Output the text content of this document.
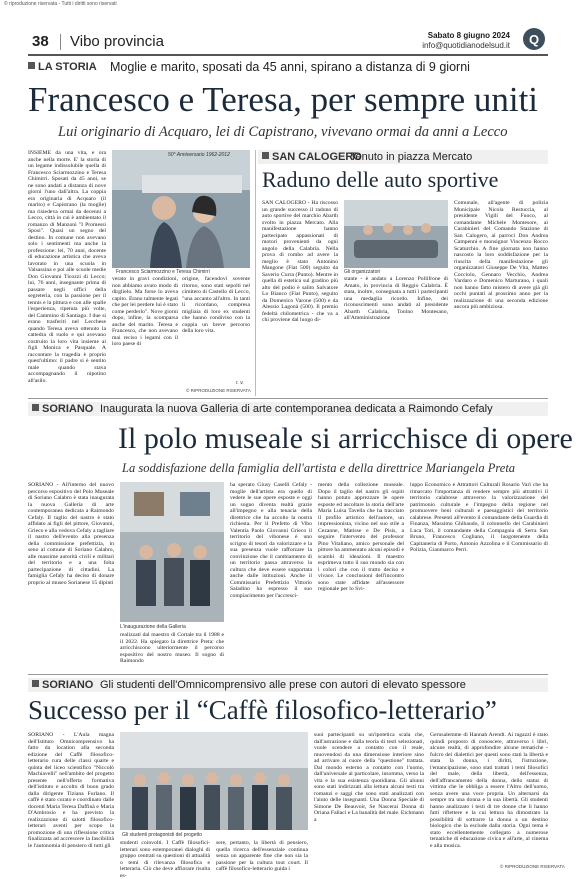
© riproduzione riservata - Tutti i diritti sono riservati
38 Vibo provincia	Sabato 8 giugno 2024
info@quotidianodelsud.it	Q
LA STORIA Moglie e marito, sposati da 45 anni, spirano a distanza di 9 giorni
Francesco e Teresa, per sempre uniti
Lui originario di Acquaro, lei di Capistrano, vivevano ormai da anni a Lecco
INSIEME da una vita, e ora anche nella morte. E' la storia di un legame indissolubile quella di Francesco Sciarmozzino e Teresa Chimirri. Sposati da 45 anni, se ne sono andati a distanza di nove giorni l'uno dall'altra. La coppia era originaria di Acquaro (il marito) e Capistrano (la moglie) ma risiedeva ormai da decenni a Lecco, città in cui è ambientato il romanzo di Manzoni "I Promessi Sposi". Quasi un segno del destino. In comune non avevano solo i sentimenti ma anche la professione: lei, 70 anni, docente di educazione artistica che aveva lavorato in una scuola in Valsassina e poi alle scuole medie Don Giovanni Ticozzi di Lecco; lui, 76 anni, insegnante prima di passare negli uffici della segreteria, con la passione per il tennis e la pittura e con alle spalle l'esperienza, ripetuta più volte, del Cammino di Santiago. I due si erano trasferiti nel Lecchese quando Teresa aveva ottenuto la cattedra di ruolo e qui avevano costruito la loro vita insieme ai figli Monica e Pasquale. A raccontare la tragedia è proprio quest'ultimo: il padre si è sentito male quando stava accompagnando il nipotino all'asilo.
Francesco Sciarmozzino e Teresa Chimirri
50° Anniversario 1962-2012
verato in gravi condizioni, non abbiamo avuto modo di dirglielo. Ma forse lo aveva capito. Erano talmente legati che per lei perdere lui è stato come perderlo". Nove giorni dopo, infine, la scomparsa anche del marito. Teresa e Francesco, che non avevano mai reciso i legami con il loro paese di
origine, facendovi sovente ritorno, sono stati sepolti nel cimitero di Castello di Lecco, "una accanto all'altro. In tanti li ricordano, compresa migliaia di loro ex studenti che hanno condiviso con la coppia un breve percorso della loro vita.
r. v.
© RIPRODUZIONE RISERVATA
SAN CALOGERO
Tenuto in piazza Mercato
Raduno delle auto sportive
SAN CALOGERO - Ha riscosso un grande successo il raduno di auto sportive del marchio Abarth svolto in piazza Mercato. Alla manifestazione hanno partecipato appassionati di motori provenienti da ogni angolo della Calabria. Nella prova di rombo ad avere la meglio è stato Antonino Mangone (Fiat 500) seguito da Saverio Curra (Punto). Mentre in quella di estetica sul gradino più alto del podio è salito Salvatore Lo Bianco (Fiat Punto), seguito da Domenico Varone (500) e da Alessio Lagonà (500). Il premio fedeltà chilometrica - che va a chi proviene dal luogo di-
Gli organizzatori
stante - è andato a Lorenzo Pollifrone di Amato, in provincia di Reggio Calabria. È stata, inoltre, consegnata a tutti i partecipanti una medaglia ricordo. Infine, dei riconoscimenti sono andati al presidente Abarth Calabria, Tonino Montesano, all'Amministrazione
Comunale, all'agente di polizia Municipale Nicola Restuccia, al presidente Vigili del Fuoco, al comandante Michele Montesore, ai Carabinieri del Comando Stazione di San Calogero, ai parroci Don Andrea Campenni e monsignor Vincenzo Rocco Scaturchio. A fine giornata non hanno nascosto la loro soddisfazione per la riuscita della manifestazione gli organizzatori Giuseppe De Vita, Matteo Cocciolo, Gennaro Vecchio, Andrea Vardaro e Domenico Marturano, i quali non hanno fatto mistero di avere già gli occhi puntati al prossimo anno per la realizzazione di una seconda edizione ancora più ambiziosa.
SORIANO Inaugurata la nuova Galleria di arte contemporanea dedicata a Raimondo Cefaly
Il polo museale si arricchisce di opere
La soddisfazione della famiglia dell'artista e della direttrice Mariangela Preta
SORIANO - All'interno del nuovo percorso espositivo del Polo Museale di Soriano Calabro è stata inaugurata la nuova Galleria di arte contemporanea dedicata a Raimondo Cefaly. Il taglio del nastro è stato affidato ai figli del pittore, Giovanni, Grieco e alla vedova Cefaly a tagliare il nastro dell'evento alla presenza della commissione prefettizia, in seno al comune di Soriano Calabro, alle massime autorità civili e militari del territorio e a una folta partecipazione di cittadini. La famiglia Cefaly ha deciso di donare proprio al museo Sorianese 15 dipinti
L'inaugurazione della Galleria
realizzati dal maestro di Cortale tra il 1988 e il 2022. Ha spiegato la direttrice Preta: che arricchiscono ulteriormente il percorso espositivo del nostro museo. Il sogno di Raimondo
ha sperato Giusy Caselli Cefaly - moglie dell'artista era quello di vedere le sue opere esposte e oggi un sogno diventa realtà grazie all'impegno e alla tenacia della direttrice che ha accolto la nostra richiesta. Per il Prefetto di Vibo Valentia Paolo Giovanni Grieco il territorio del vibonese è uno scrigno di tesori da valorizzare e la sua presenza vuole rafforzare la convinzione che il cambiamento di un territorio passa attraverso la cultura che deve essere supportata anche dalle istituzioni. Anche il Commissario Prefettizio Vittorio Saladino ha espresso il suo compiacimento per l'accresci-
mento della collezione museale. Dopo il taglio del nastro gli ospiti hanno potuto apprezzare le opere esposte ed ascoltare la storia dell'arte Maria Luisa Tavella che ha tracciato il profilo artistico dell'autore, un impressionista, vicino nel suo stile a Cezanne, Matisse e De Pisis, a seguire l'intervento del professor Pino Vitaliano, amico personale del pittore ha ammentato alcuni episodi e scambi di ideazioni. Il maestro esprimeva tutto il suo mondo sia con i colori che con il tratto deciso e vivace. Le conclusioni dell'incontro sono state affidate all'assessore regionale per lo Svi-
luppo Economico e Attrattori Culturali Rosario Varì che ha rimarcato l'importanza di rendere sempre più attrattivi il territorio calabrese attraverso la valorizzazione del patrimonio culturale e l'impegno della regione nel promuovere beni culturali e paesaggistici del territorio calabrese. Presenti all'evento il comandante della Guardia di Finanza, Massimo Ghibaudo, il colonnello dei Carabinieri Luca Toti, il comandante della Compagnia di Serra San Bruno, Francesco Cogliano, il luogotenente della Capitaneria di Porto, Antonio Azzolina e il Commissario di Polizia, Gianmarco Perri.
SORIANO Gli studenti dell'Omnicomprensivo alle prese con autori di elevato spessore
Successo per il “Caffè filosofico-letterario”
SORIANO - L'Aula magna dell'Istituto Omnicomprensivo ha fatto da location alla seconda edizione del Caffè filosofico-letterario cura delle classi quarte e quinta del liceo scientifico "Niccolò Machiavelli" nell'ambito del progetto presente nell'offerta formativa dell'istituto e accolto di buon grado dalla dirigente Tiziana Furlano. Il caffè è stato curato e coordinato dalle docenti Maria Teresa Daffinà e Maria D'Ambrosio e ha previsto la realizzazione di salotti filosofico-letterari aventi per scopo la promozione di una riflessione critica finalizzata ad accrescere la fascibilità le l'autonomia di pensiero di tutti gli
Gli studenti protagonisti del progetto
studenti coinvolti. I Caffè filosofici-letterari sono estemporanei dialoghi di gruppo centrati su questioni di attualità o temi di rilevanza filosofica e letteraria. Ciò che deve affiorare risulta es-
sere, pertanto, la libertà di pensiero, quella ricerca dell'essenziale continua senza un apparente fine che non sia la passione per la cultura tout court. Il caffè filosofico-letterario guida i
suoi partecipanti su un'ipotetica scala che, dall'astrazione e dalla teoria di testi selezionati, vuole scendere a contatto con il reale, muovendosi da una dimensione interiore sino ad arrivare al cuore della "questione" trattata. Dal mondo esterno a contatto con l'uomo, dall'universale al particolare, insomma, verso la vita e la sua esistenza quotidiana. Gli alunni sono stati indirizzati alla lettura alcuni testi tra romanzi e saggi che sono stati analizzati con l'aiuto delle insegnanti. Una Donna Speciale di Simone De Beauvoir, Se Nascerai Donna di Oriana Fallaci e La banalità del male. Eichmann a
Gerusalemme di Hannah Arendt. Ai ragazzi è stato quindi proposto di conoscere, attraverso i libri, alcune realtà, di approfondire alcune tematiche - fulcro dei dialettici per questi sono stati la libertà e stata la donna, i diritti, l'istruzione, l'emancipazione, sono stati trattati i temi filosofici del male, della libertà, dell'essenza, dell'affrancamento della donna, dello status di vittima che le obbliga a essere l'Altro dell'uomo, senza avere una voce propria. Un alternarsi da sempre tra una donna e la sua libertà. Gli studenti hanno analizzato i testi di tre donne che li hanno fatti riflettere e la cui lettura ha dimostrato la possibilità di sottrarre la donna a un destino biologico che la esclude dalla storia. Ogni tema è stato eccellentemente collegato a numerose tematiche di educazione civica e all'arte, al cinema e alla musica.
© RIPRODUZIONE RISERVATA
